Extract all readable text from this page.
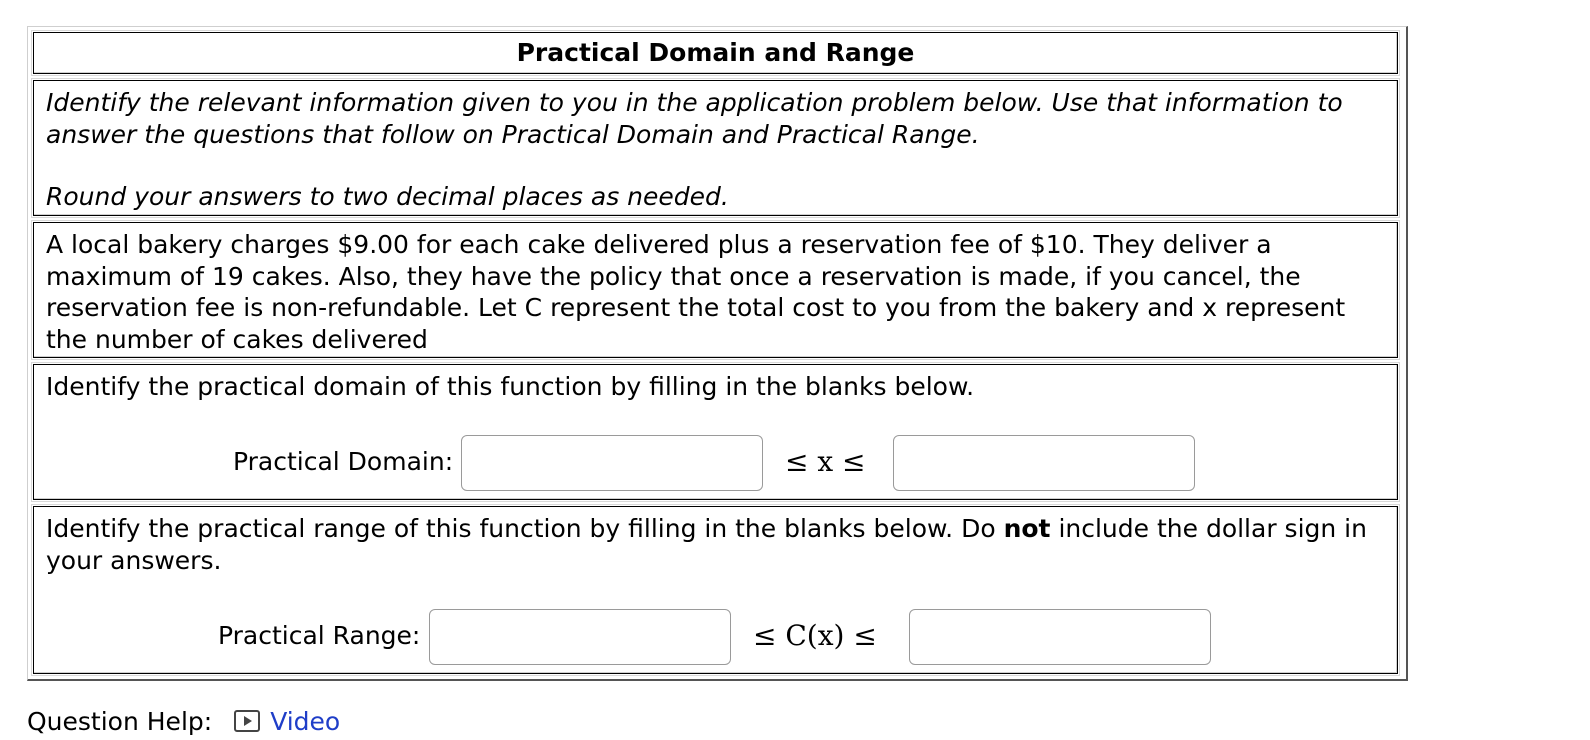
Practical Domain and Range
Identify the relevant information given to you in the application problem below. Use that information to answer the questions that follow on Practical Domain and Practical Range.
Round your answers to two decimal places as needed.
A local bakery charges $9.00 for each cake delivered plus a reservation fee of $10. They deliver a maximum of 19 cakes. Also, they have the policy that once a reservation is made, if you cancel, the reservation fee is non-refundable. Let C represent the total cost to you from the bakery and x represent the number of cakes delivered
Identify the practical domain of this function by filling in the blanks below.
Practical Domain:	≤ x ≤
Identify the practical range of this function by filling in the blanks below. Do not include the dollar sign in your answers.
Practical Range:	≤ C(x) ≤
Question Help: Video
